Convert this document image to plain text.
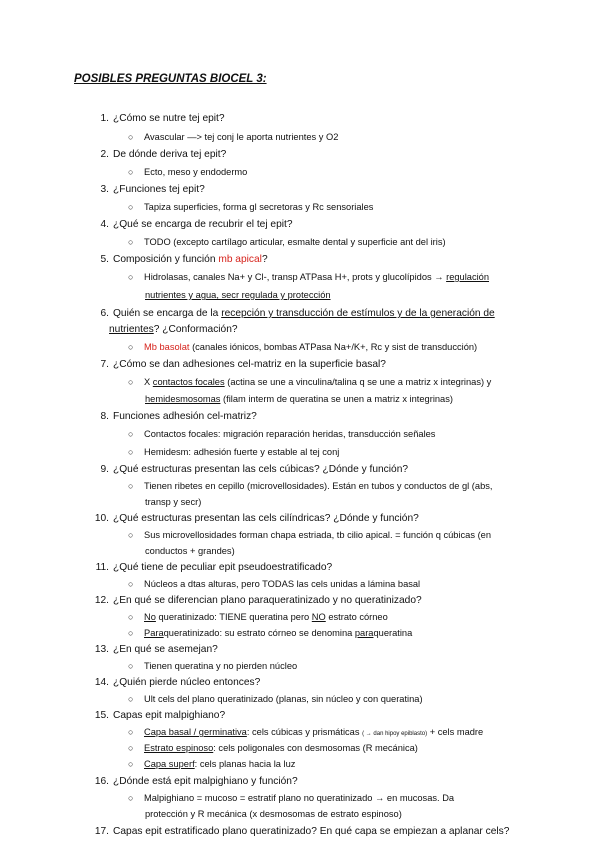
POSIBLES PREGUNTAS BIOCEL 3:
1. ¿Cómo se nutre tej epit?
○ Avascular —> tej conj le aporta nutrientes y O2
2. De dónde deriva tej epit?
○ Ecto, meso y endodermo
3. ¿Funciones tej epit?
○ Tapiza superficies, forma gl secretoras y Rc sensoriales
4. ¿Qué se encarga de recubrir el tej epit?
○ TODO (excepto cartílago articular, esmalte dental y superficie ant del iris)
5. Composición y función mb apical?
○ Hidrolasas, canales Na+ y Cl-, transp ATPasa H+, prots y glucolípidos → regulación
nutrientes y agua, secr regulada y protección
6. Quién se encarga de la recepción y transducción de estímulos y de la generación de
nutrientes? ¿Conformación?
○ Mb basolat (canales iónicos, bombas ATPasa Na+/K+, Rc y sist de transducción)
7. ¿Cómo se dan adhesiones cel-matriz en la superficie basal?
○ X contactos focales (actina se une a vinculina/talina q se une a matriz x integrinas) y
hemidesmosomas (filam interm de queratina se unen a matriz x integrinas)
8. Funciones adhesión cel-matriz?
○ Contactos focales: migración reparación heridas, transducción señales
○ Hemidesm: adhesión fuerte y estable al tej conj
9. ¿Qué estructuras presentan las cels cúbicas? ¿Dónde y función?
○ Tienen ribetes en cepillo (microvellosidades). Están en tubos y conductos de gl (abs,
transp y secr)
10. ¿Qué estructuras presentan las cels cilíndricas? ¿Dónde y función?
○ Sus microvellosidades forman chapa estriada, tb cilio apical. = función q cúbicas (en
conductos + grandes)
11. ¿Qué tiene de peculiar epit pseudoestratificado?
○ Núcleos a dtas alturas, pero TODAS las cels unidas a lámina basal
12. ¿En qué se diferencian plano paraqueratinizado y no queratinizado?
○ No queratinizado: TIENE queratina pero NO estrato córneo
○ Paraqueratinizado: su estrato córneo se denomina paraqueratina
13. ¿En qué se asemejan?
○ Tienen queratina y no pierden núcleo
14. ¿Quién pierde núcleo entonces?
○ Ult cels del plano queratinizado (planas, sin núcleo y con queratina)
15. Capas epit malpighiano?
○ Capa basal / germinativa: cels cúbicas y prismáticas ( → dan hipoy epiblasto) + cels madre
○ Estrato espinoso: cels poligonales con desmosomas (R mecánica)
○ Capa superf: cels planas hacia la luz
16. ¿Dónde está epit malpighiano y función?
○ Malpighiano = mucoso = estratif plano no queratinizado → en mucosas. Da
protección y R mecánica (x desmosomas de estrato espinoso)
17. Capas epit estratificado plano queratinizado? En qué capa se empiezan a aplanar cels?
